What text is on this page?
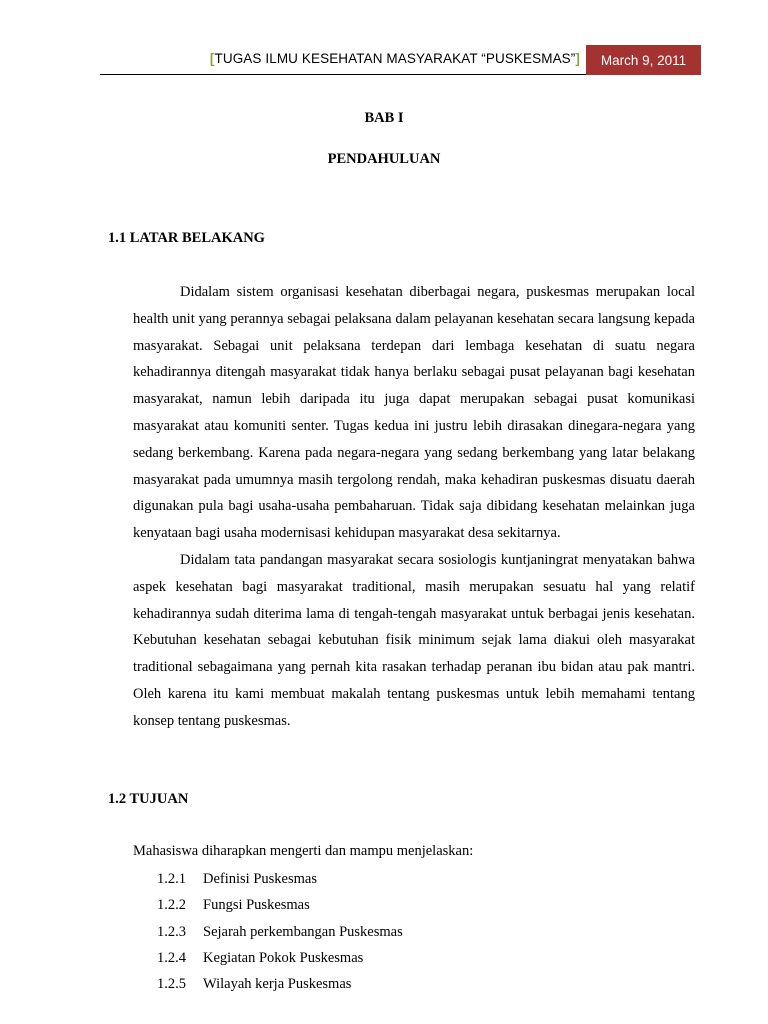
[TUGAS ILMU KESEHATAN MASYARAKAT “PUSKESMAS”] March 9, 2011
BAB I
PENDAHULUAN
1.1 LATAR BELAKANG

Didalam sistem organisasi kesehatan diberbagai negara, puskesmas merupakan local health unit yang perannya sebagai pelaksana dalam pelayanan kesehatan secara langsung kepada masyarakat. Sebagai unit pelaksana terdepan dari lembaga kesehatan di suatu negara kehadirannya ditengah masyarakat tidak hanya berlaku sebagai pusat pelayanan bagi kesehatan masyarakat, namun lebih daripada itu juga dapat merupakan sebagai pusat komunikasi masyarakat atau komuniti senter. Tugas kedua ini justru lebih dirasakan dinegara-negara yang sedang berkembang. Karena pada negara-negara yang sedang berkembang yang latar belakang masyarakat pada umumnya masih tergolong rendah, maka kehadiran puskesmas disuatu daerah digunakan pula bagi usaha-usaha pembaharuan. Tidak saja dibidang kesehatan melainkan juga kenyataan bagi usaha modernisasi kehidupan masyarakat desa sekitarnya.

Didalam tata pandangan masyarakat secara sosiologis kuntjaningrat menyatakan bahwa aspek kesehatan bagi masyarakat traditional, masih merupakan sesuatu hal yang relatif kehadirannya sudah diterima lama di tengah-tengah masyarakat untuk berbagai jenis kesehatan. Kebutuhan kesehatan sebagai kebutuhan fisik minimum sejak lama diakui oleh masyarakat traditional sebagaimana yang pernah kita rasakan terhadap peranan ibu bidan atau pak mantri. Oleh karena itu kami membuat makalah tentang puskesmas untuk lebih memahami tentang konsep tentang puskesmas.

1.2 TUJUAN
Mahasiswa diharapkan mengerti dan mampu menjelaskan:
1.2.1 Definisi Puskesmas
1.2.2 Fungsi Puskesmas
1.2.3 Sejarah perkembangan Puskesmas
1.2.4 Kegiatan Pokok Puskesmas
1.2.5 Wilayah kerja Puskesmas
